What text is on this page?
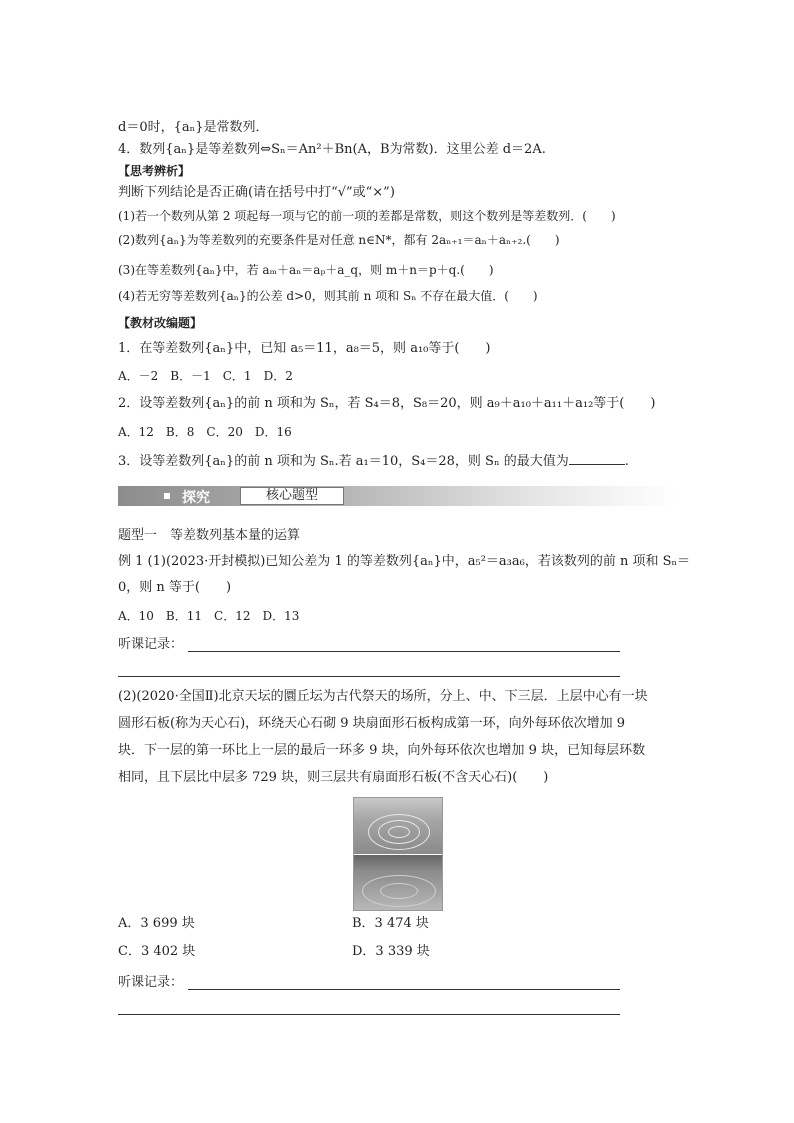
d＝0时，{aₙ}是常数列．
4．数列{aₙ}是等差数列⇔Sₙ＝An²＋Bn(A，B为常数)．这里公差 d＝2A.
【思考辨析】
判断下列结论是否正确(请在括号中打“√”或“×”)
(1)若一个数列从第 2 项起每一项与它的前一项的差都是常数，则这个数列是等差数列．(　　)
(2)数列{aₙ}为等差数列的充要条件是对任意 n∈N*，都有 2aₙ₊₁＝aₙ＋aₙ₊₂.(　　)
(3)在等差数列{aₙ}中，若 aₘ＋aₙ＝aₚ＋a_q，则 m＋n＝p＋q.(　　)
(4)若无穷等差数列{aₙ}的公差 d>0，则其前 n 项和 Sₙ 不存在最大值．(　　)
【教材改编题】
1．在等差数列{aₙ}中，已知 a₅＝11，a₈＝5，则 a₁₀等于(　　)
A．－2　B．－1　C．1　D．2
2．设等差数列{aₙ}的前 n 项和为 Sₙ，若 S₄＝8，S₈＝20，则 a₉＋a₁₀＋a₁₁＋a₁₂等于(　　)
A．12　B．8　C．20　D．16
3．设等差数列{aₙ}的前 n 项和为 Sₙ.若 a₁＝10，S₄＝28，则 Sₙ 的最大值为	.
探究	核心题型
题型一　等差数列基本量的运算
例 1 (1)(2023·开封模拟)已知公差为 1 的等差数列{aₙ}中，a₅²＝a₃a₆，若该数列的前 n 项和 Sₙ＝
0，则 n 等于(　　)
A．10　B．11　C．12　D．13
听课记录：
(2)(2020·全国Ⅱ)北京天坛的圜丘坛为古代祭天的场所，分上、中、下三层．上层中心有一块
圆形石板(称为天心石)，环绕天心石砌 9 块扇面形石板构成第一环，向外每环依次增加 9
块．下一层的第一环比上一层的最后一环多 9 块，向外每环依次也增加 9 块，已知每层环数
相同，且下层比中层多 729 块，则三层共有扇面形石板(不含天心石)(　　)
A．3 699 块	B．3 474 块
C．3 402 块	D．3 339 块
听课记录：
